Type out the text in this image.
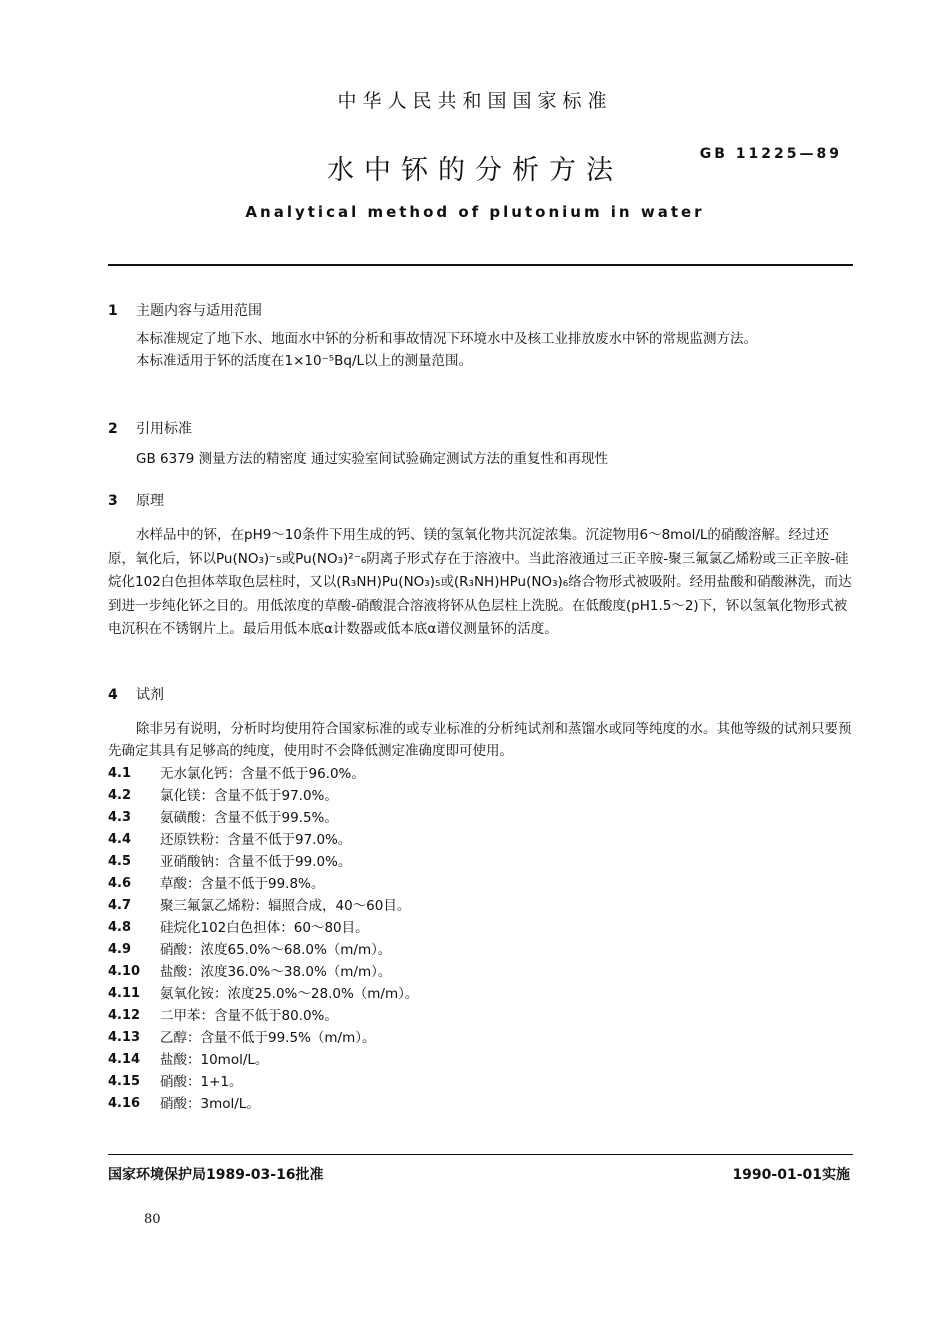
中华人民共和国国家标准
水中钚的分析方法
GB 11225—89
Analytical method of plutonium in water
1 主题内容与适用范围
本标准规定了地下水、地面水中钚的分析和事故情况下环境水中及核工业排放废水中钚的常规监测方法。
本标准适用于钚的活度在1×10⁻⁵Bq/L以上的测量范围。
2 引用标准
GB 6379 测量方法的精密度 通过实验室间试验确定测试方法的重复性和再现性
3 原理
水样品中的钚，在pH9～10条件下用生成的钙、镁的氢氧化物共沉淀浓集。沉淀物用6～8mol/L的硝酸溶解。经过还原，氧化后，钚以Pu(NO₃)⁻₅或Pu(NO₃)²⁻₆阴离子形式存在于溶液中。当此溶液通过三正辛胺-聚三氟氯乙烯粉或三正辛胺-硅烷化102白色担体萃取色层柱时，又以(R₃NH)Pu(NO₃)₅或(R₃NH)HPu(NO₃)₆络合物形式被吸附。经用盐酸和硝酸淋洗，而达到进一步纯化钚之目的。用低浓度的草酸-硝酸混合溶液将钚从色层柱上洗脱。在低酸度(pH1.5～2)下，钚以氢氧化物形式被电沉积在不锈钢片上。最后用低本底α计数器或低本底α谱仪测量钚的活度。
4 试剂
除非另有说明，分析时均使用符合国家标准的或专业标准的分析纯试剂和蒸馏水或同等纯度的水。其他等级的试剂只要预先确定其具有足够高的纯度，使用时不会降低测定准确度即可使用。
4.1	无水氯化钙：含量不低于96.0%。
4.2	氯化镁：含量不低于97.0%。
4.3	氨磺酸：含量不低于99.5%。
4.4	还原铁粉：含量不低于97.0%。
4.5	亚硝酸钠：含量不低于99.0%。
4.6	草酸：含量不低于99.8%。
4.7	聚三氟氯乙烯粉：辐照合成，40～60目。
4.8	硅烷化102白色担体：60～80目。
4.9	硝酸：浓度65.0%～68.0%（m/m）。
4.10	盐酸：浓度36.0%～38.0%（m/m）。
4.11	氨氧化铵：浓度25.0%～28.0%（m/m）。
4.12	二甲苯：含量不低于80.0%。
4.13	乙醇：含量不低于99.5%（m/m）。
4.14	盐酸：10mol/L。
4.15	硝酸：1+1。
4.16	硝酸：3mol/L。
国家环境保护局1989-03-16批准	1990-01-01实施
80
